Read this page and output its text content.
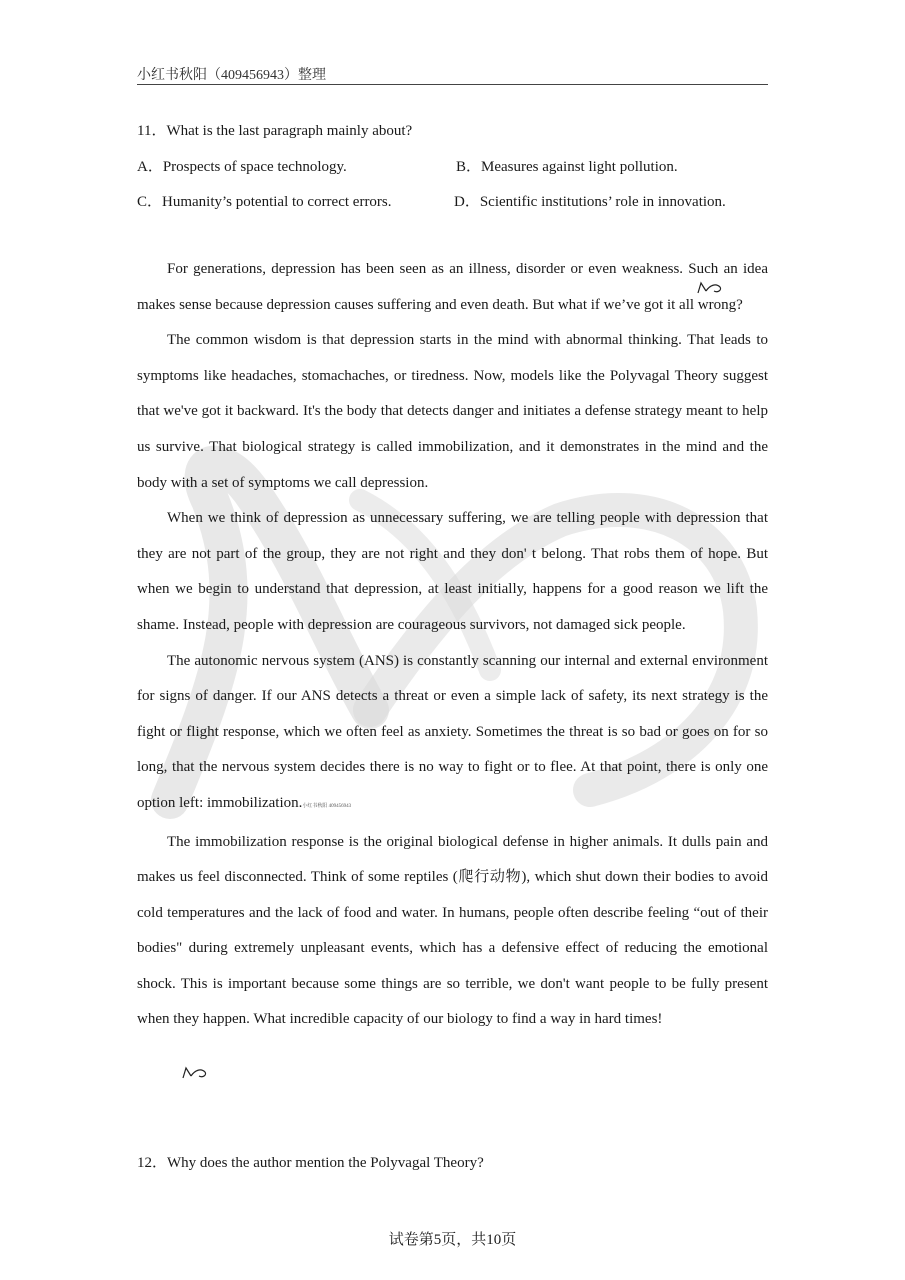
小红书秋阳（409456943）整理
11．What is the last paragraph mainly about?
A．Prospects of space technology.	B．Measures against light pollution.
C．Humanity’s potential to correct errors.	D．Scientific institutions’ role in innovation.

For generations, depression has been seen as an illness, disorder or even weakness. Such an idea makes sense because depression causes suffering and even death. But what if we’ve got it all wrong?

The common wisdom is that depression starts in the mind with abnormal thinking. That leads to symptoms like headaches, stomachaches, or tiredness. Now, models like the Polyvagal Theory suggest that we've got it backward. It's the body that detects danger and initiates a defense strategy meant to help us survive. That biological strategy is called immobilization, and it demonstrates in the mind and the body with a set of symptoms we call depression.

When we think of depression as unnecessary suffering, we are telling people with depression that they are not part of the group, they are not right and they don' t belong. That robs them of hope. But when we begin to understand that depression, at least initially, happens for a good reason we lift the shame. Instead, people with depression are courageous survivors, not damaged sick people.

The autonomic nervous system (ANS) is constantly scanning our internal and external environment for signs of danger. If our ANS detects a threat or even a simple lack of safety, its next strategy is the fight or flight response, which we often feel as anxiety. Sometimes the threat is so bad or goes on for so long, that the nervous system decides there is no way to fight or to flee. At that point, there is only one option left: immobilization.小红书秋阳 409456943

The immobilization response is the original biological defense in higher animals. It dulls pain and makes us feel disconnected. Think of some reptiles (爬行动物), which shut down their bodies to avoid cold temperatures and the lack of food and water. In humans, people often describe feeling “out of their bodies" during extremely unpleasant events, which has a defensive effect of reducing the emotional shock. This is important because some things are so terrible, we don't want people to be fully present when they happen. What incredible capacity of our biology to find a way in hard times!

12．Why does the author mention the Polyvagal Theory?
试卷第5页，共10页
